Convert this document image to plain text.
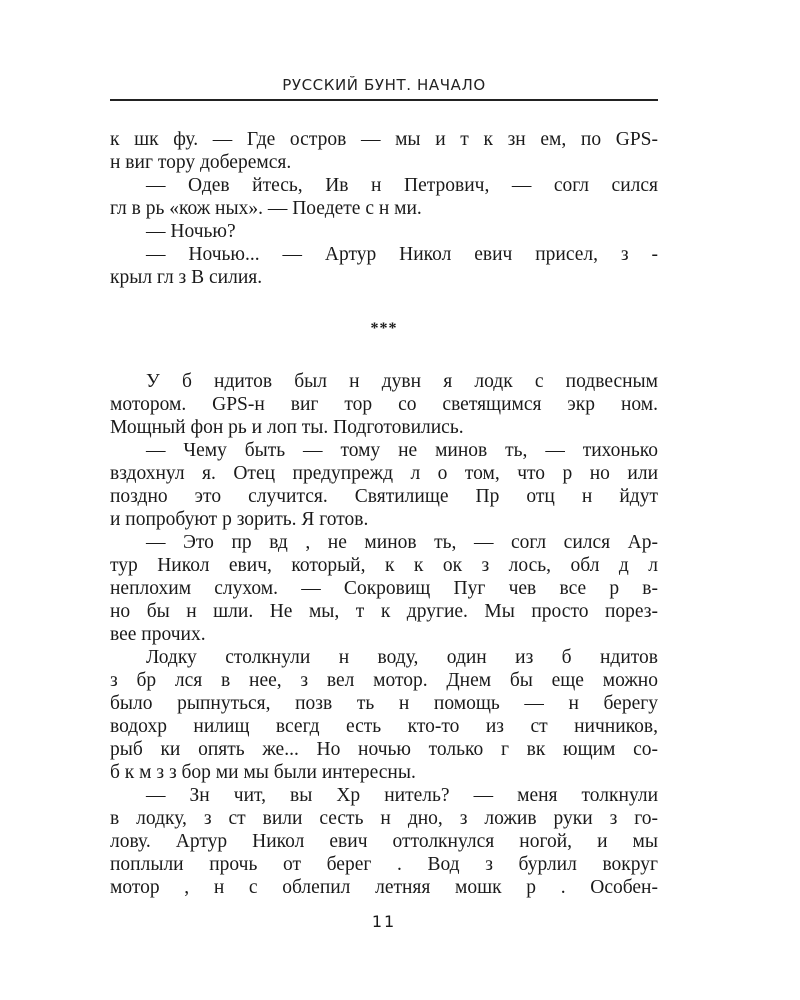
РУССКИЙ БУНТ. НАЧАЛО
к шк фу. — Где остров — мы и т к зн ем, по GPS-
н виг тору доберемся.
— Одев йтесь, Ив н Петрович, — согл сился
гл в рь «кож ных». — Поедете с н ми.
— Ночью?
— Ночью... — Артур Никол евич присел, з -
крыл гл з В силия.
***
У б ндитов был н дувн я лодк с подвесным
мотором. GPS-н виг тор со светящимся экр ном.
Мощный фон рь и лоп ты. Подготовились.
— Чему быть — тому не минов ть, — тихонько
вздохнул я. Отец предупрежд л о том, что р но или
поздно это случится. Святилище Пр отц н йдут
и попробуют р зорить. Я готов.
— Это пр вд , не минов ть, — согл сился Ар-
тур Никол евич, который, к к ок з лось, обл д л
неплохим слухом. — Сокровищ Пуг чев все р в-
но бы н шли. Не мы, т к другие. Мы просто порез-
вее прочих.
Лодку столкнули н воду, один из б ндитов
з бр лся в нее, з вел мотор. Днем бы еще можно
было рыпнуться, позв ть н помощь — н берегу
водохр нилищ всегд есть кто-то из ст ничников,
рыб ки опять же... Но ночью только г вк ющим со-
б к м з з бор ми мы были интересны.
— Зн чит, вы Хр нитель? — меня толкнули
в лодку, з ст вили сесть н дно, з ложив руки з го-
лову. Артур Никол евич оттолкнулся ногой, и мы
поплыли прочь от берег . Вод з бурлил вокруг
мотор , н с облепил летняя мошк р . Особен-
11
